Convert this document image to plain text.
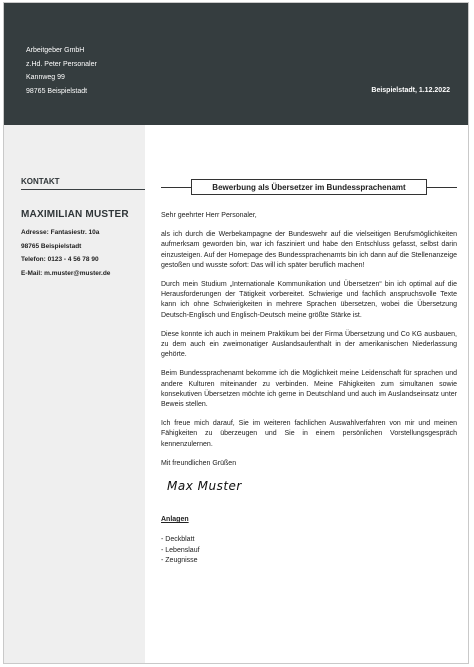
Arbeitgeber GmbH
z.Hd. Peter Personaler
Kannweg 99
98765 Beispielstadt	Beispielstadt, 1.12.2022
KONTAKT
MAXIMILIAN MUSTER
Adresse: Fantasiestr. 10a
98765 Beispielstadt
Telefon: 0123 - 4 56 78 90
E-Mail: m.muster@muster.de
Bewerbung als Übersetzer im Bundessprachenamt

Sehr geehrter Herr Personaler,

als ich durch die Werbekampagne der Bundeswehr auf die vielseitigen Berufsmöglichkeiten aufmerksam geworden bin, war ich fasziniert und habe den Entschluss gefasst, selbst darin einzusteigen. Auf der Homepage des Bundessprachenamts bin ich dann auf die Stellenanzeige gestoßen und wusste sofort: Das will ich später beruflich machen!

Durch mein Studium „Internationale Kommunikation und Übersetzen“ bin ich optimal auf die Herausforderungen der Tätigkeit vorbereitet. Schwierige und fachlich anspruchsvolle Texte kann ich ohne Schwierigkeiten in mehrere Sprachen übersetzen, wobei die Übersetzung Deutsch-Englisch und Englisch-Deutsch meine größte Stärke ist.

Diese konnte ich auch in meinem Praktikum bei der Firma Übersetzung und Co KG ausbauen, zu dem auch ein zweimonatiger Auslandsaufenthalt in der amerikanischen Niederlassung gehörte.

Beim Bundessprachenamt bekomme ich die Möglichkeit meine Leidenschaft für sprachen und andere Kulturen miteinander zu verbinden. Meine Fähigkeiten zum simultanen sowie konsekutiven Übersetzen möchte ich gerne in Deutschland und auch im Auslandseinsatz unter Beweis stellen.

Ich freue mich darauf, Sie im weiteren fachlichen Auswahlverfahren von mir und meinen Fähigkeiten zu überzeugen und Sie in einem persönlichen Vorstellungsgespräch kennenzulernen.

Mit freundlichen Grüßen

Max Muster
Anlagen
- Deckblatt
- Lebenslauf
- Zeugnisse
